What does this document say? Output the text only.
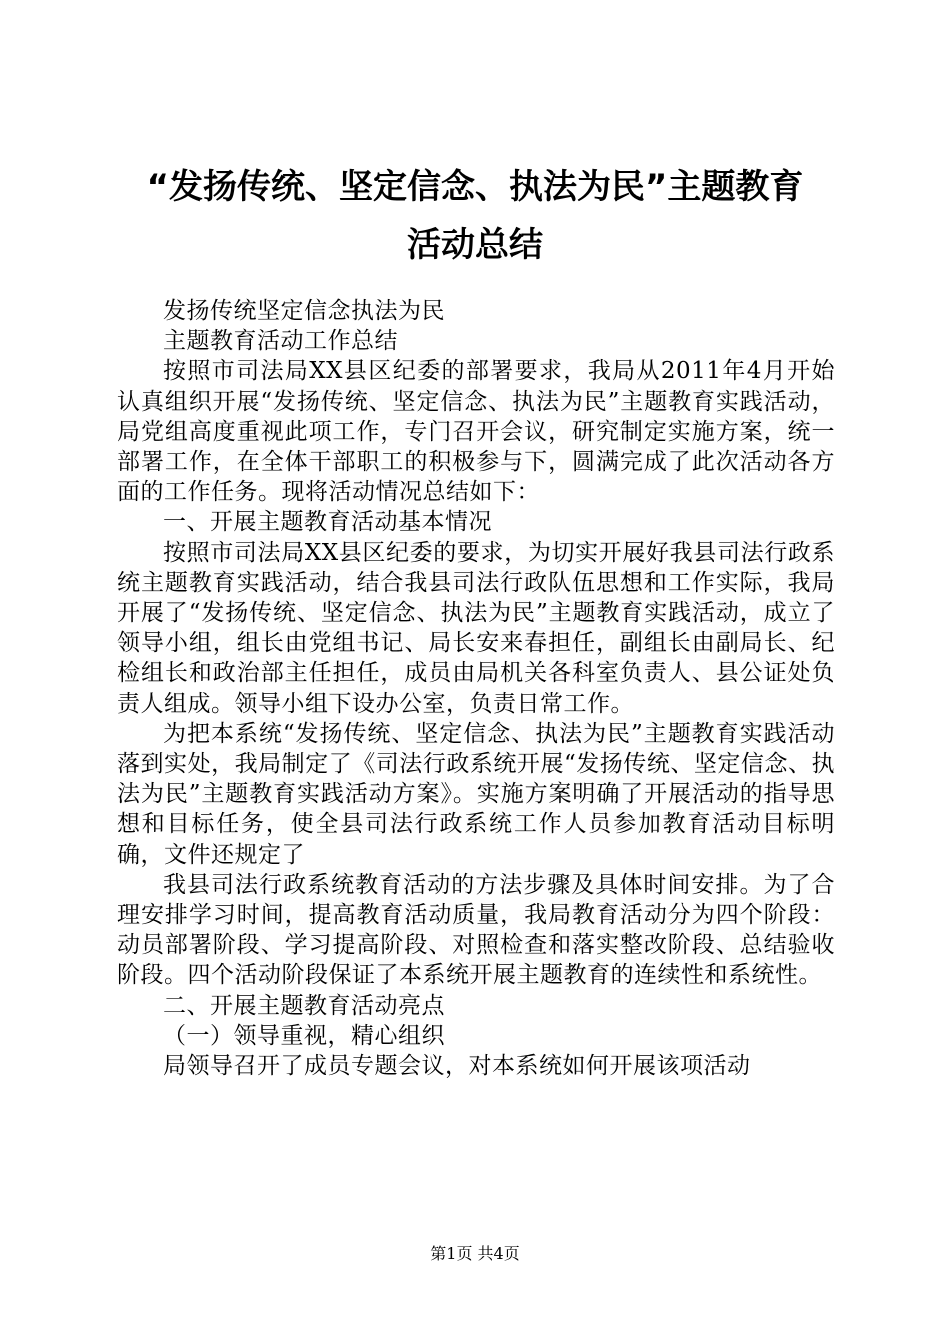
“发扬传统、坚定信念、执法为民”主题教育
活动总结

发扬传统坚定信念执法为民

主题教育活动工作总结

按照市司法局XX县区纪委的部署要求，我局从2011年4月开始认真组织开展“发扬传统、坚定信念、执法为民”主题教育实践活动，局党组高度重视此项工作，专门召开会议，研究制定实施方案，统一部署工作，在全体干部职工的积极参与下，圆满完成了此次活动各方面的工作任务。现将活动情况总结如下：

一、开展主题教育活动基本情况

按照市司法局XX县区纪委的要求，为切实开展好我县司法行政系统主题教育实践活动，结合我县司法行政队伍思想和工作实际，我局开展了“发扬传统、坚定信念、执法为民”主题教育实践活动，成立了领导小组，组长由党组书记、局长安来春担任，副组长由副局长、纪检组长和政治部主任担任，成员由局机关各科室负责人、县公证处负责人组成。领导小组下设办公室，负责日常工作。

为把本系统“发扬传统、坚定信念、执法为民”主题教育实践活动落到实处，我局制定了《司法行政系统开展“发扬传统、坚定信念、执法为民”主题教育实践活动方案》。实施方案明确了开展活动的指导思想和目标任务，使全县司法行政系统工作人员参加教育活动目标明确，文件还规定了

我县司法行政系统教育活动的方法步骤及具体时间安排。为了合理安排学习时间，提高教育活动质量，我局教育活动分为四个阶段：动员部署阶段、学习提高阶段、对照检查和落实整改阶段、总结验收阶段。四个活动阶段保证了本系统开展主题教育的连续性和系统性。

二、开展主题教育活动亮点

（一）领导重视，精心组织

局领导召开了成员专题会议，对本系统如何开展该项活动

第1页 共4页
